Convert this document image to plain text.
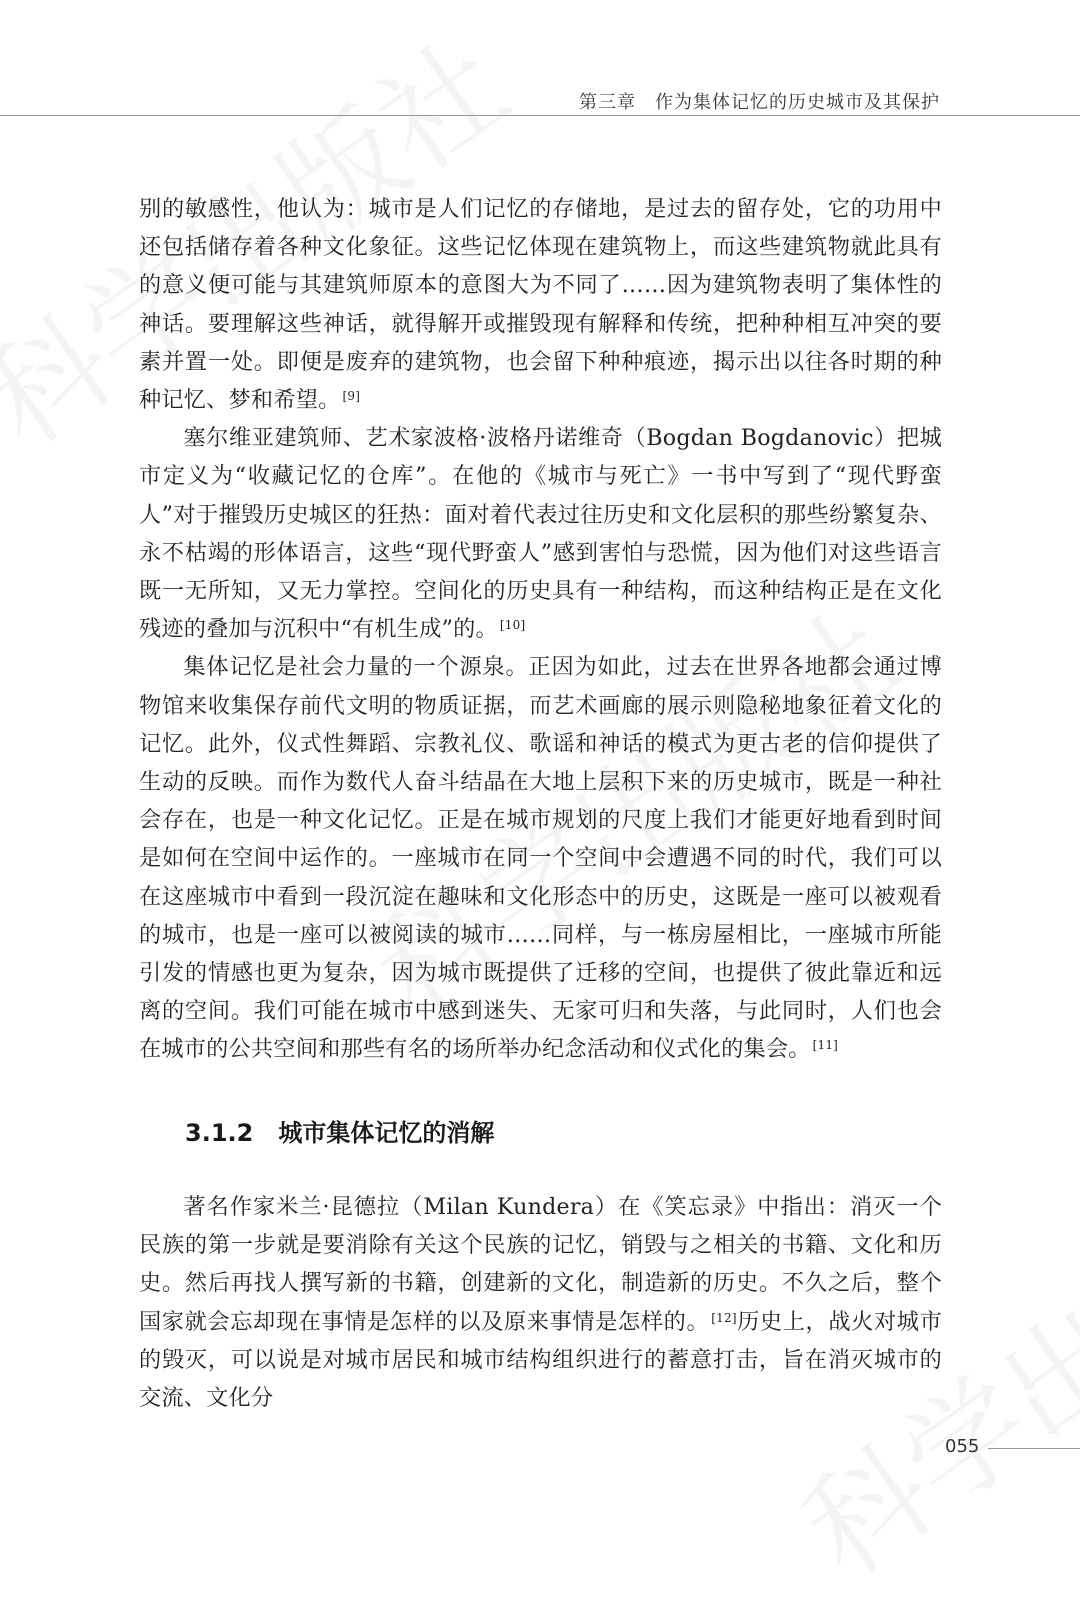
第三章　作为集体记忆的历史城市及其保护

别的敏感性，他认为：城市是人们记忆的存储地，是过去的留存处，它的功用中还包括储存着各种文化象征。这些记忆体现在建筑物上，而这些建筑物就此具有的意义便可能与其建筑师原本的意图大为不同了……因为建筑物表明了集体性的神话。要理解这些神话，就得解开或摧毁现有解释和传统，把种种相互冲突的要素并置一处。即便是废弃的建筑物，也会留下种种痕迹，揭示出以往各时期的种种记忆、梦和希望。 [9]

塞尔维亚建筑师、艺术家波格·波格丹诺维奇（Bogdan Bogdanovic）把城市定义为“收藏记忆的仓库”。在他的《城市与死亡》一书中写到了“现代野蛮人”对于摧毁历史城区的狂热：面对着代表过往历史和文化层积的那些纷繁复杂、永不枯竭的形体语言，这些“现代野蛮人”感到害怕与恐慌，因为他们对这些语言既一无所知，又无力掌控。空间化的历史具有一种结构，而这种结构正是在文化残迹的叠加与沉积中“有机生成”的。 [10]

集体记忆是社会力量的一个源泉。正因为如此，过去在世界各地都会通过博物馆来收集保存前代文明的物质证据，而艺术画廊的展示则隐秘地象征着文化的记忆。此外，仪式性舞蹈、宗教礼仪、歌谣和神话的模式为更古老的信仰提供了生动的反映。而作为数代人奋斗结晶在大地上层积下来的历史城市，既是一种社会存在，也是一种文化记忆。正是在城市规划的尺度上我们才能更好地看到时间是如何在空间中运作的。一座城市在同一个空间中会遭遇不同的时代，我们可以在这座城市中看到一段沉淀在趣味和文化形态中的历史，这既是一座可以被观看的城市，也是一座可以被阅读的城市……同样，与一栋房屋相比，一座城市所能引发的情感也更为复杂，因为城市既提供了迁移的空间，也提供了彼此靠近和远离的空间。我们可能在城市中感到迷失、无家可归和失落，与此同时，人们也会在城市的公共空间和那些有名的场所举办纪念活动和仪式化的集会。 [11]

3.1.2 城市集体记忆的消解

著名作家米兰·昆德拉（Milan Kundera）在《笑忘录》中指出：消灭一个民族的第一步就是要消除有关这个民族的记忆，销毁与之相关的书籍、文化和历史。然后再找人撰写新的书籍，创建新的文化，制造新的历史。不久之后，整个国家就会忘却现在事情是怎样的以及原来事情是怎样的。 [12]历史上，战火对城市的毁灭，可以说是对城市居民和城市结构组织进行的蓄意打击，旨在消灭城市的交流、文化分

055
